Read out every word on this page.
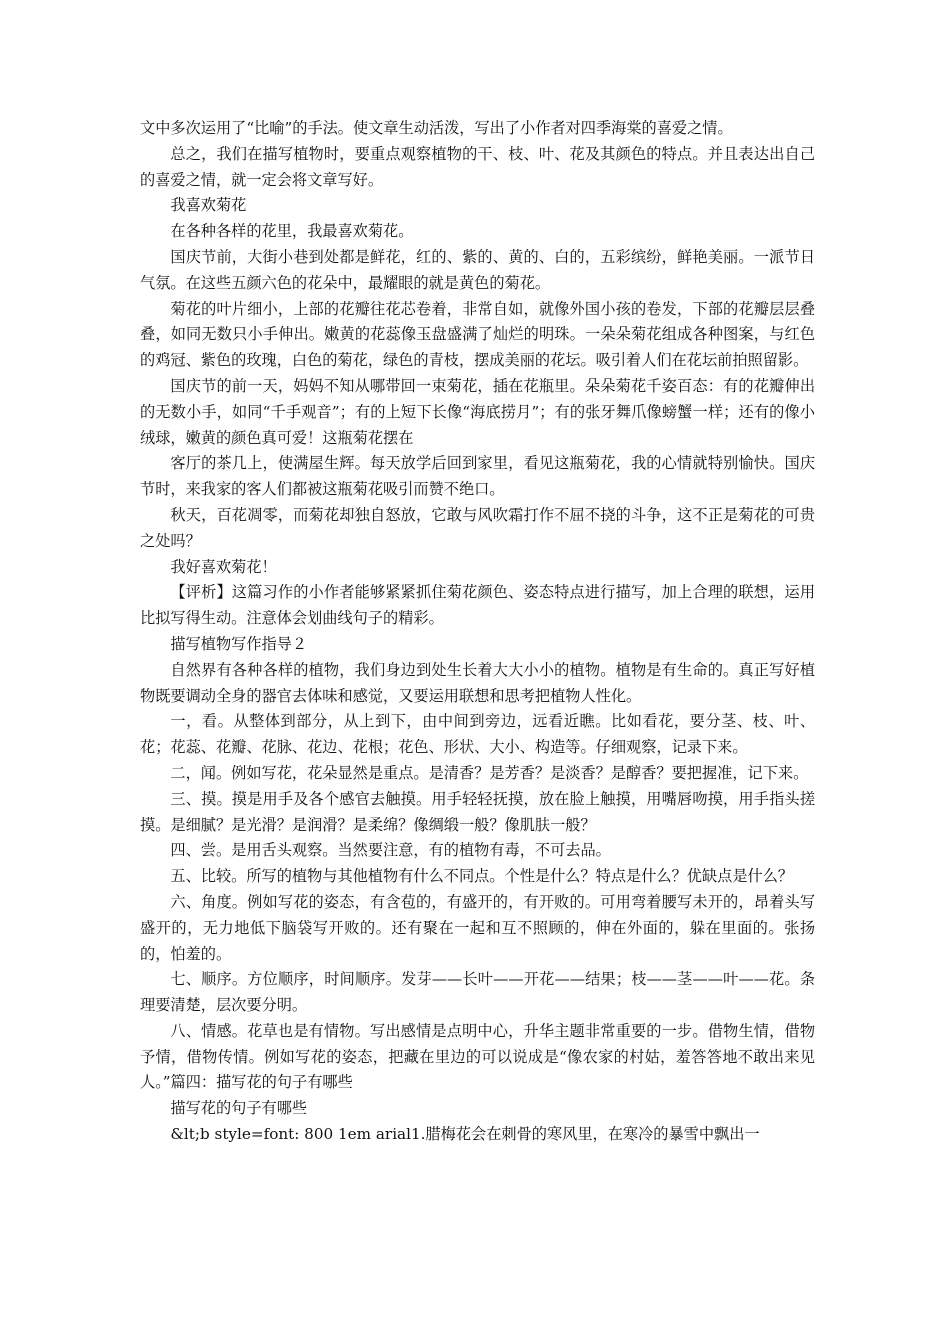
文中多次运用了“比喻”的手法。使文章生动活泼，写出了小作者对四季海棠的喜爱之情。

总之，我们在描写植物时，要重点观察植物的干、枝、叶、花及其颜色的特点。并且表达出自己的喜爱之情，就一定会将文章写好。

我喜欢菊花

在各种各样的花里，我最喜欢菊花。

国庆节前，大街小巷到处都是鲜花，红的、紫的、黄的、白的，五彩缤纷，鲜艳美丽。一派节日气氛。在这些五颜六色的花朵中，最耀眼的就是黄色的菊花。

菊花的叶片细小，上部的花瓣往花芯卷着，非常自如，就像外国小孩的卷发，下部的花瓣层层叠叠，如同无数只小手伸出。嫩黄的花蕊像玉盘盛满了灿烂的明珠。一朵朵菊花组成各种图案，与红色的鸡冠、紫色的玫瑰，白色的菊花，绿色的青枝，摆成美丽的花坛。吸引着人们在花坛前拍照留影。

国庆节的前一天，妈妈不知从哪带回一束菊花，插在花瓶里。朵朵菊花千姿百态：有的花瓣伸出的无数小手，如同“千手观音”；有的上短下长像“海底捞月”；有的张牙舞爪像螃蟹一样；还有的像小绒球，嫩黄的颜色真可爱！这瓶菊花摆在

客厅的茶几上，使满屋生辉。每天放学后回到家里，看见这瓶菊花，我的心情就特别愉快。国庆节时，来我家的客人们都被这瓶菊花吸引而赞不绝口。

秋天，百花凋零，而菊花却独自怒放，它敢与风吹霜打作不屈不挠的斗争，这不正是菊花的可贵之处吗？

我好喜欢菊花！

【评析】这篇习作的小作者能够紧紧抓住菊花颜色、姿态特点进行描写，加上合理的联想，运用比拟写得生动。注意体会划曲线句子的精彩。

描写植物写作指导２

自然界有各种各样的植物，我们身边到处生长着大大小小的植物。植物是有生命的。真正写好植物既要调动全身的器官去体味和感觉，又要运用联想和思考把植物人性化。

一，看。从整体到部分，从上到下，由中间到旁边，远看近瞧。比如看花，要分茎、枝、叶、花；花蕊、花瓣、花脉、花边、花根；花色、形状、大小、构造等。仔细观察，记录下来。

二，闻。例如写花，花朵显然是重点。是清香？是芳香？是淡香？是醇香？要把握准，记下来。

三、摸。摸是用手及各个感官去触摸。用手轻轻抚摸，放在脸上触摸，用嘴唇吻摸，用手指头搓摸。是细腻？是光滑？是润滑？是柔绵？像绸缎一般？像肌肤一般？

四、尝。是用舌头观察。当然要注意，有的植物有毒，不可去品。

五、比较。所写的植物与其他植物有什么不同点。个性是什么？特点是什么？优缺点是什么？

六、角度。例如写花的姿态，有含苞的，有盛开的，有开败的。可用弯着腰写未开的，昂着头写盛开的，无力地低下脑袋写开败的。还有聚在一起和互不照顾的，伸在外面的，躲在里面的。张扬的，怕羞的。

七、顺序。方位顺序，时间顺序。发芽——长叶——开花——结果；枝——茎——叶——花。条理要清楚，层次要分明。

八、情感。花草也是有情物。写出感情是点明中心，升华主题非常重要的一步。借物生情，借物予情，借物传情。例如写花的姿态，把藏在里边的可以说成是“像农家的村姑，羞答答地不敢出来见人。”篇四：描写花的句子有哪些

描写花的句子有哪些

&lt;b style=font: 800 1em arial1.腊梅花会在刺骨的寒风里，在寒冷的暴雪中飘出一
